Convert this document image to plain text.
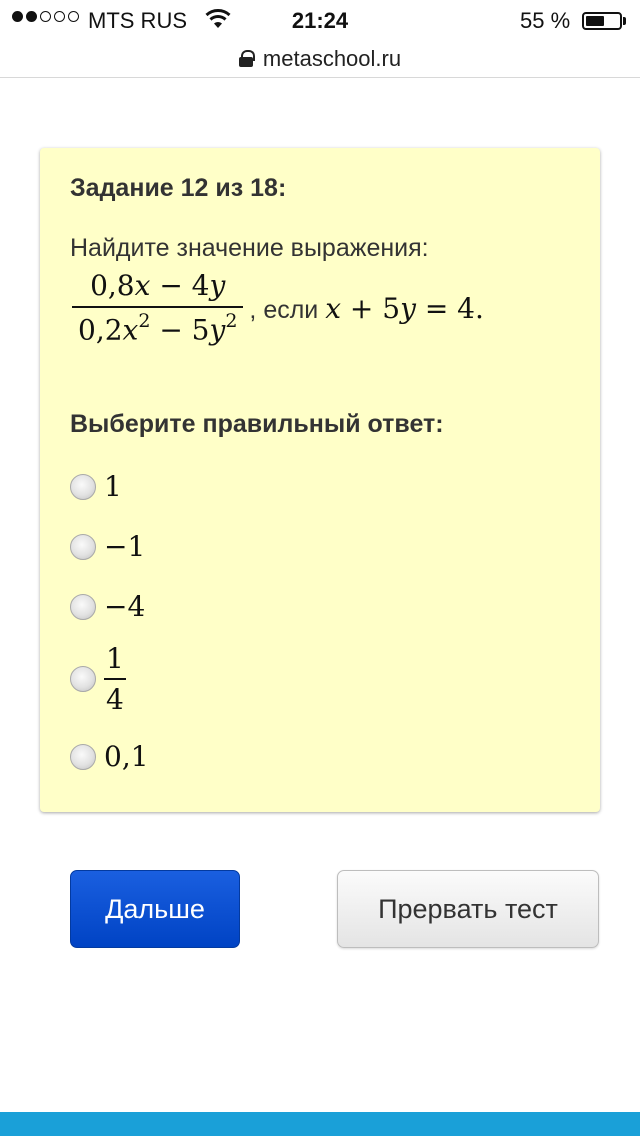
MTS RUS	21:24	55 %
metaschool.ru
Задание 12 из 18:
Найдите значение выражения:
$\frac{0,8x - 4y}{0,2x^2 - 5y^2}$ , если x + 5y = 4.
Выберите правильный ответ:
1
−1
−4
$\frac{1}{4}$
0,1
Дальше	Прервать тест
